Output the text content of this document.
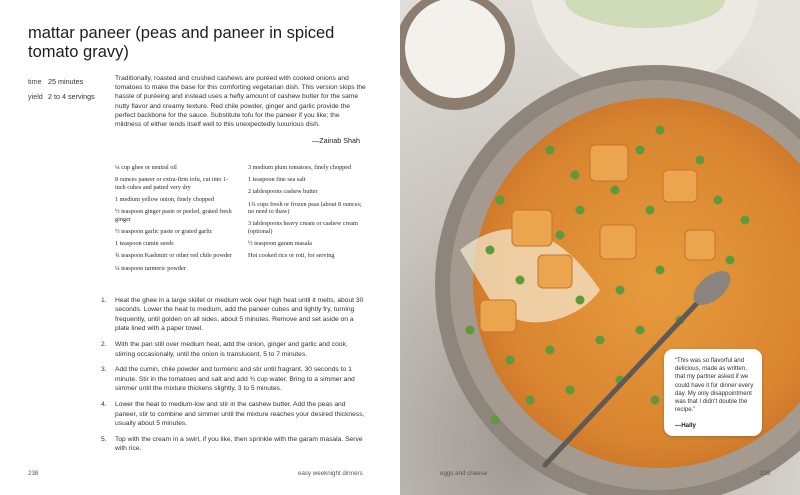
mattar paneer (peas and paneer in spiced tomato gravy)
time 25 minutes
yield 2 to 4 servings

Traditionally, roasted and crushed cashews are puréed with cooked onions and tomatoes to make the base for this comforting vegetarian dish. This version skips the hassle of puréeing and instead uses a hefty amount of cashew butter for the same nutty flavor and creamy texture. Red chile powder, ginger and garlic provide the perfect backbone for the sauce. Substitute tofu for the paneer if you like; the mildness of either lends itself well to this unexpectedly luxurious dish.

—Zainab Shah
¼ cup ghee or neutral oil
8 ounces paneer or extra-firm tofu, cut into 1-inch cubes and patted very dry
1 medium yellow onion, finely chopped
½ teaspoon ginger paste or peeled, grated fresh ginger
½ teaspoon garlic paste or grated garlic
1 teaspoon cumin seeds
¾ teaspoon Kashmiri or other red chile powder
¼ teaspoon turmeric powder
3 medium plum tomatoes, finely chopped
1 teaspoon fine sea salt
2 tablespoons cashew butter
1¾ cups fresh or frozen peas (about 8 ounces; no need to thaw)
3 tablespoons heavy cream or cashew cream (optional)
½ teaspoon garam masala
Hot cooked rice or roti, for serving
1.	Heat the ghee in a large skillet or medium wok over high heat until it melts, about 30 seconds. Lower the heat to medium, add the paneer cubes and lightly fry, turning frequently, until golden on all sides, about 5 minutes. Remove and set aside on a plate lined with a paper towel.
2.	With the pan still over medium heat, add the onion, ginger and garlic and cook, stirring occasionally, until the onion is translucent, 5 to 7 minutes.
3.	Add the cumin, chile powder and turmeric and stir until fragrant, 30 seconds to 1 minute. Stir in the tomatoes and salt and add ¾ cup water. Bring to a simmer and simmer until the mixture thickens slightly, 3 to 5 minutes.
4.	Lower the heat to medium-low and stir in the cashew butter. Add the peas and paneer, stir to combine and simmer until the mixture reaches your desired thickness, usually about 5 minutes.
5.	Top with the cream in a swirl, if you like, then sprinkle with the garam masala. Serve with rice.
238	easy weeknight dinners	eggs and cheese	239

“This was so flavorful and delicious, made as written, that my partner asked if we could have it for dinner every day. My only disappointment was that I didn't double the recipe.”

—Hally
